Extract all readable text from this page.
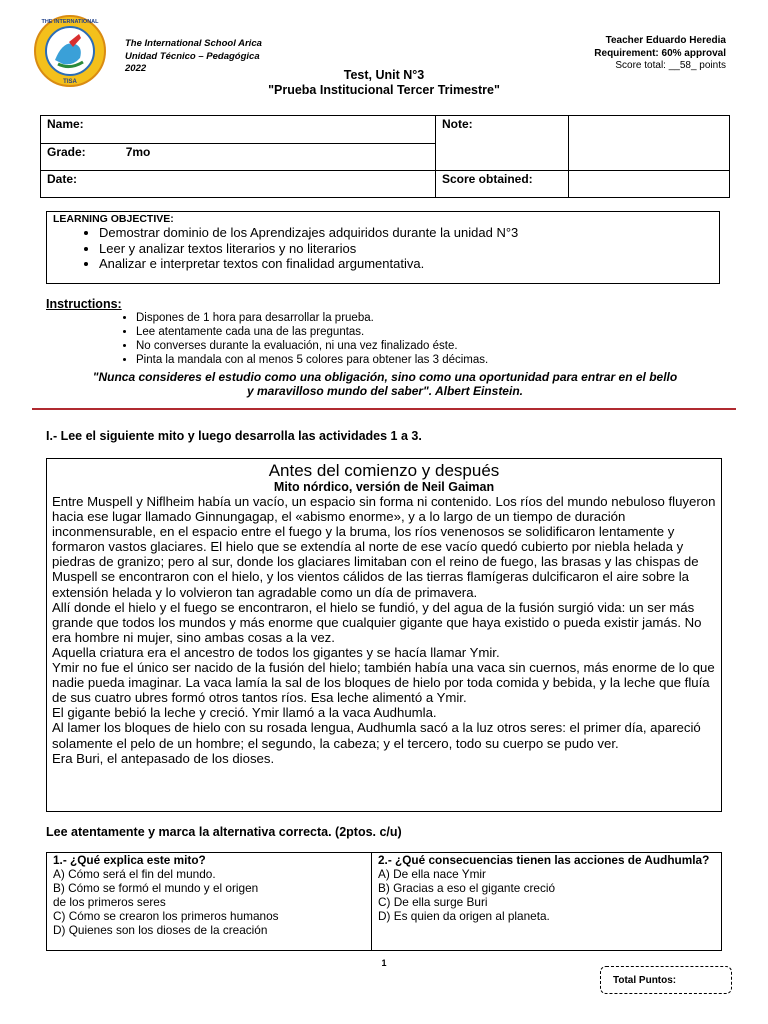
THE INTERNATIONAL
TISA
The International School Arica
Unidad Técnico – Pedagógica
2022
Teacher Eduardo Heredia
Requirement: 60% approval
Score total: __58_ points
Test, Unit N°3
"Prueba Institucional Tercer Trimestre"
Name:	Note:	
Grade: 7mo		
Date:	Score obtained:	
LEARNING OBJECTIVE:
• Demostrar dominio de los Aprendizajes adquiridos durante la unidad N°3
• Leer y analizar textos literarios y no literarios
• Analizar e interpretar textos con finalidad argumentativa.
Instructions:
• Dispones de 1 hora para desarrollar la prueba.
• Lee atentamente cada una de las preguntas.
• No converses durante la evaluación, ni una vez finalizado éste.
• Pinta la mandala con al menos 5 colores para obtener las 3 décimas.
"Nunca consideres el estudio como una obligación, sino como una oportunidad para entrar en el bello
y maravilloso mundo del saber". Albert Einstein.
I.- Lee el siguiente mito y luego desarrolla las actividades 1 a 3.
Antes del comienzo y después
Mito nórdico, versión de Neil Gaiman

Entre Muspell y Niflheim había un vacío, un espacio sin forma ni contenido. Los ríos del mundo nebuloso fluyeron hacia ese lugar llamado Ginnungagap, el «abismo enorme», y a lo largo de un tiempo de duración inconmensurable, en el espacio entre el fuego y la bruma, los ríos venenosos se solidificaron lentamente y formaron vastos glaciares. El hielo que se extendía al norte de ese vacío quedó cubierto por niebla helada y piedras de granizo; pero al sur, donde los glaciares limitaban con el reino de fuego, las brasas y las chispas de Muspell se encontraron con el hielo, y los vientos cálidos de las tierras flamígeras dulcificaron el aire sobre la extensión helada y lo volvieron tan agradable como un día de primavera.

Allí donde el hielo y el fuego se encontraron, el hielo se fundió, y del agua de la fusión surgió vida: un ser más grande que todos los mundos y más enorme que cualquier gigante que haya existido o pueda existir jamás. No era hombre ni mujer, sino ambas cosas a la vez.

Aquella criatura era el ancestro de todos los gigantes y se hacía llamar Ymir.

Ymir no fue el único ser nacido de la fusión del hielo; también había una vaca sin cuernos, más enorme de lo que nadie pueda imaginar. La vaca lamía la sal de los bloques de hielo por toda comida y bebida, y la leche que fluía de sus cuatro ubres formó otros tantos ríos. Esa leche alimentó a Ymir.

El gigante bebió la leche y creció. Ymir llamó a la vaca Audhumla.

Al lamer los bloques de hielo con su rosada lengua, Audhumla sacó a la luz otros seres: el primer día, apareció solamente el pelo de un hombre; el segundo, la cabeza; y el tercero, todo su cuerpo se pudo ver.

Era Buri, el antepasado de los dioses.

Lee atentamente y marca la alternativa correcta. (2ptos. c/u)
1.- ¿Qué explica este mito?
A) Cómo será el fin del mundo.
B) Cómo se formó el mundo y el origen
de los primeros seres
C) Cómo se crearon los primeros humanos
D) Quienes son los dioses de la creación

2.- ¿Qué consecuencias tienen las acciones de Audhumla?
A) De ella nace Ymir
B) Gracias a eso el gigante creció
C) De ella surge Buri
D) Es quien da origen al planeta.
1
Total Puntos:
